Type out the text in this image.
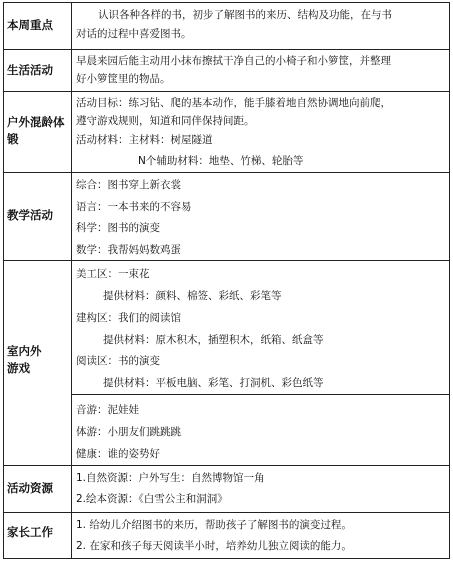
本周重点
认识各种各样的书，初步了解图书的来历、结构及功能，在与书
对话的过程中喜爱图书。
生活活动
早晨来园后能主动用小抹布擦拭干净自己的小椅子和小箩筐，并整理
好小箩筐里的物品。
户外混龄体锻
活动目标：练习钻、爬的基本动作，能手膝着地自然协调地向前爬，
遵守游戏规则，知道和同伴保持间距。
活动材料：主材料：树屋隧道
N个辅助材料：地垫、竹梯、轮胎等
教学活动
综合：图书穿上新衣裳
语言：一本书来的不容易
科学：图书的演变
数学：我帮妈妈数鸡蛋
室内外游戏
美工区：一束花
提供材料：颜料、棉签、彩纸、彩笔等
建构区：我们的阅读馆
提供材料：原木积木，插塑积木，纸箱、纸盒等
阅读区：书的演变
提供材料：平板电脑、彩笔、打洞机、彩色纸等
音游：泥娃娃
体游：小朋友们跳跳跳
健康：谁的姿势好
活动资源
1.自然资源：户外写生：自然博物馆一角
2.绘本资源：《白雪公主和洞洞》
家长工作	1. 给幼儿介绍图书的来历，帮助孩子了解图书的演变过程。
2. 在家和孩子每天阅读半小时，培养幼儿独立阅读的能力。
